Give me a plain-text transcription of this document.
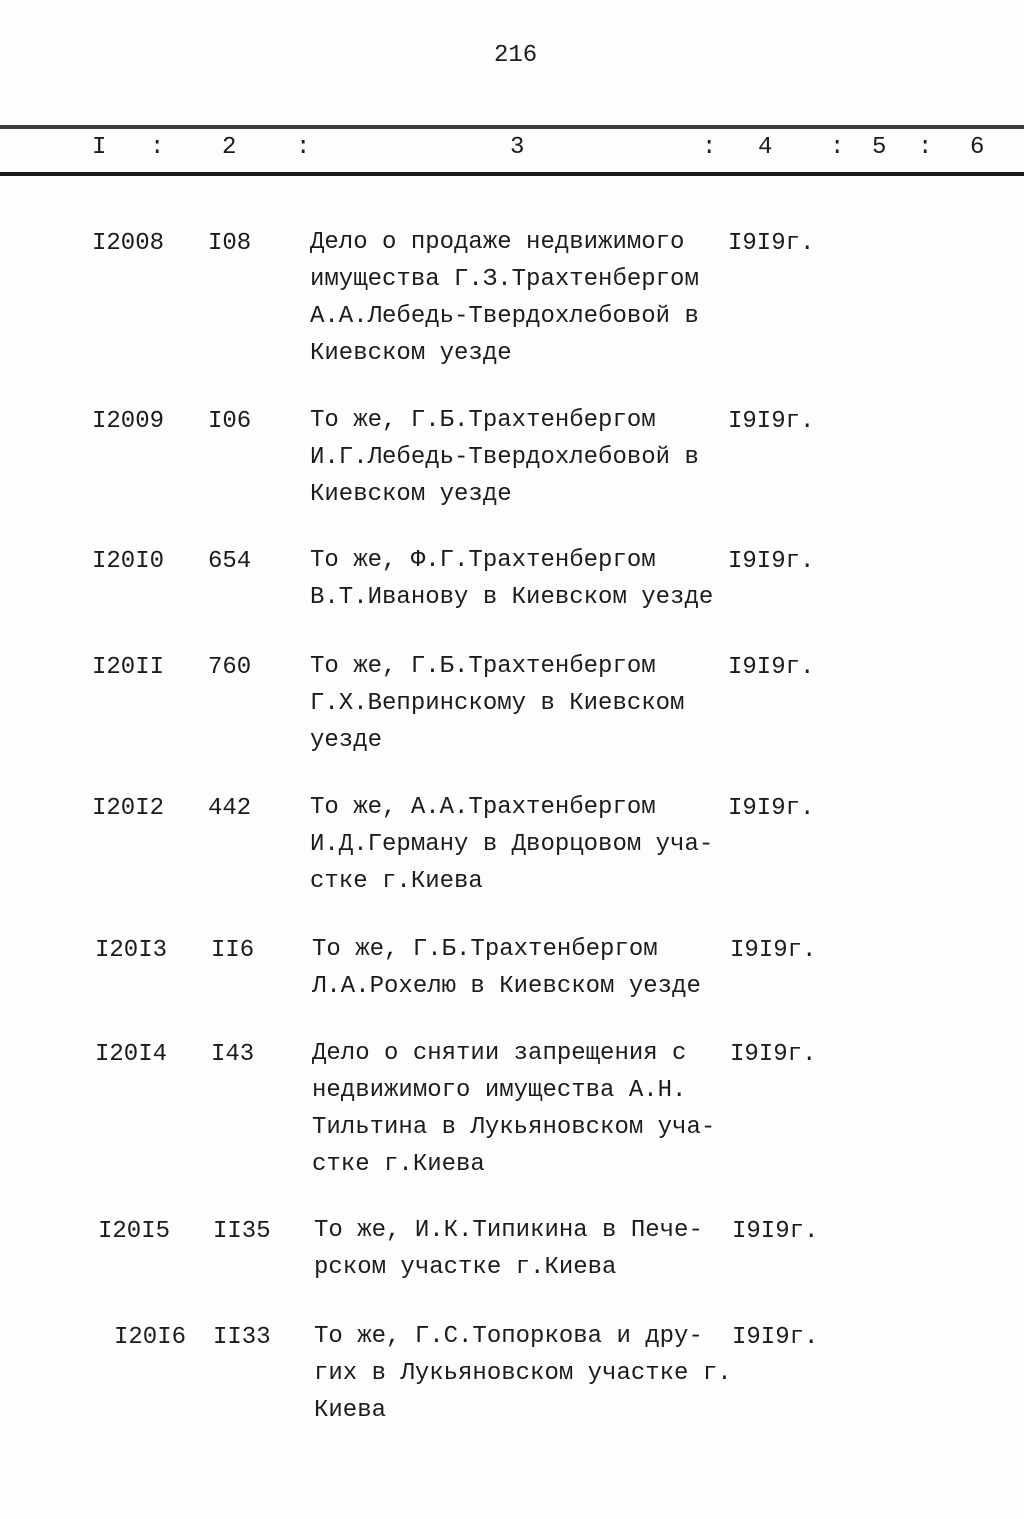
216
I : 2 :	3	: 4 : 5 : 6
I2008 I08 Дело о продаже недвижимого
имущества Г.З.Трахтенбергом
А.А.Лебедь-Твердохлебовой в
Киевском уезде
I9I9г.
I2009 I06 То же, Г.Б.Трахтенбергом
И.Г.Лебедь-Твердохлебовой в
Киевском уезде
I9I9г.
I20I0 654 То же, Ф.Г.Трахтенбергом
В.Т.Иванову в Киевском уезде
I9I9г.
I20II 760 То же, Г.Б.Трахтенбергом
Г.Х.Вепринскому в Киевском
уезде
I9I9г.
I20I2 442 То же, А.А.Трахтенбергом
И.Д.Герману в Дворцовом уча-
стке г.Киева
I9I9г.
I20I3 II6 То же, Г.Б.Трахтенбергом
Л.А.Рохелю в Киевском уезде
I9I9г.
I20I4 I43 Дело о снятии запрещения с
недвижимого имущества А.Н.
Тильтина в Лукьяновском уча-
стке г.Киева
I9I9г.
I20I5 II35 То же, И.К.Типикина в Пече-
рском участке г.Киева
I9I9г.
I20I6 II33 То же, Г.С.Топоркова и дру-
гих в Лукьяновском участке г.
Киева
I9I9г.
